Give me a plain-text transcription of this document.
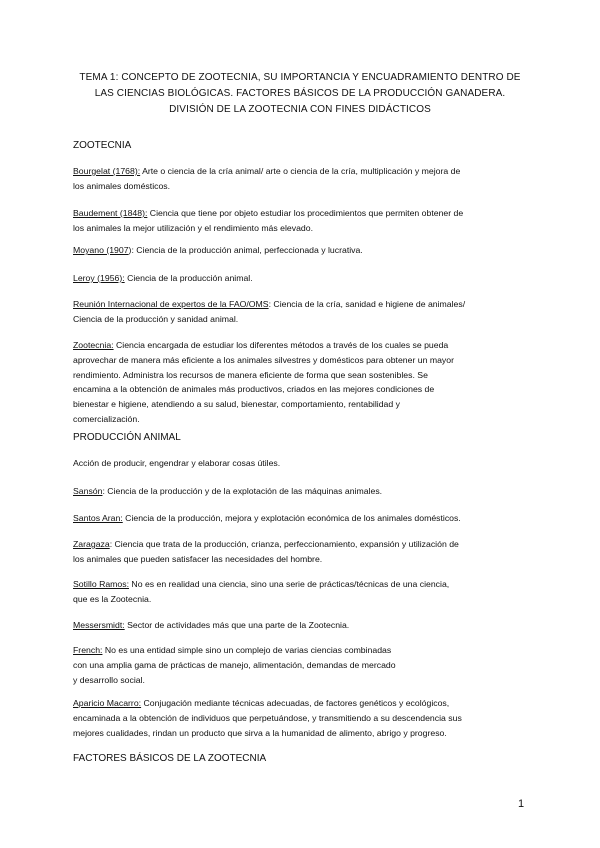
TEMA 1: CONCEPTO DE ZOOTECNIA, SU IMPORTANCIA Y ENCUADRAMIENTO DENTRO DE
LAS CIENCIAS BIOLÓGICAS. FACTORES BÁSICOS DE LA PRODUCCIÓN GANADERA.
DIVISIÓN DE LA ZOOTECNIA CON FINES DIDÁCTICOS
ZOOTECNIA
Bourgelat (1768): Arte o ciencia de la cría animal/ arte o ciencia de la cría, multiplicación y mejora de
los animales domésticos.
Baudement (1848): Ciencia que tiene por objeto estudiar los procedimientos que permiten obtener de
los animales la mejor utilización y el rendimiento más elevado.
Moyano (1907): Ciencia de la producción animal, perfeccionada y lucrativa.
Leroy (1956): Ciencia de la producción animal.
Reunión Internacional de expertos de la FAO/OMS: Ciencia de la cría, sanidad e higiene de animales/
Ciencia de la producción y sanidad animal.
Zootecnia: Ciencia encargada de estudiar los diferentes métodos a través de los cuales se pueda
aprovechar de manera más eficiente a los animales silvestres y domésticos para obtener un mayor
rendimiento. Administra los recursos de manera eficiente de forma que sean sostenibles. Se
encamina a la obtención de animales más productivos, criados en las mejores condiciones de
bienestar e higiene, atendiendo a su salud, bienestar, comportamiento, rentabilidad y
comercialización.
PRODUCCIÓN ANIMAL
Acción de producir, engendrar y elaborar cosas útiles.
Sansón: Ciencia de la producción y de la explotación de las máquinas animales.
Santos Aran: Ciencia de la producción, mejora y explotación económica de los animales domésticos.
Zaragaza: Ciencia que trata de la producción, crianza, perfeccionamiento, expansión y utilización de
los animales que pueden satisfacer las necesidades del hombre.
Sotillo Ramos: No es en realidad una ciencia, sino una serie de prácticas/técnicas de una ciencia,
que es la Zootecnia.
Messersmidt: Sector de actividades más que una parte de la Zootecnia.
French: No es una entidad simple sino un complejo de varias ciencias combinadas
con una amplia gama de prácticas de manejo, alimentación, demandas de mercado
y desarrollo social.
Aparicio Macarro: Conjugación mediante técnicas adecuadas, de factores genéticos y ecológicos,
encaminada a la obtención de individuos que perpetuándose, y transmitiendo a su descendencia sus
mejores cualidades, rindan un producto que sirva a la humanidad de alimento, abrigo y progreso.
FACTORES BÁSICOS DE LA ZOOTECNIA
1
